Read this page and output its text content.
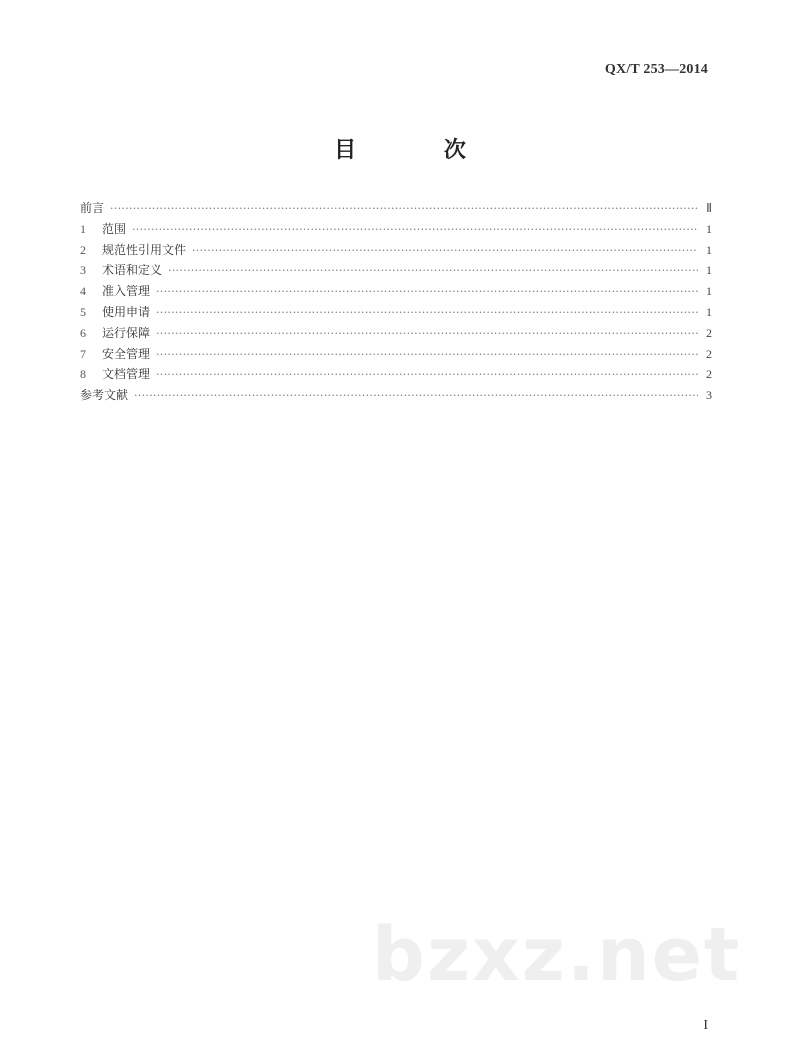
QX/T 253—2014
目 次
前言 ·····	Ⅱ
1	范围 ·····	1
2	规范性引用文件 ·····	1
3	术语和定义 ·····	1
4	准入管理 ·····	1
5	使用申请 ·····	1
6	运行保障 ·····	2
7	安全管理 ·····	2
8	文档管理 ·····	2
参考文献 ·····	3
bzxz.net
I
